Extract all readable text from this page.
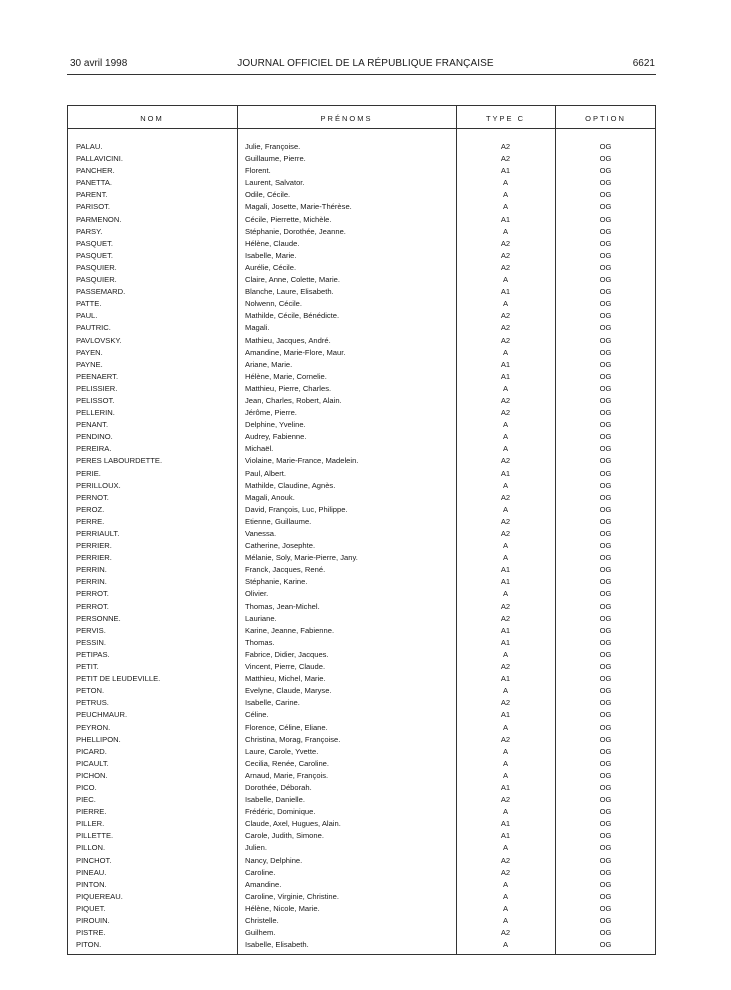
30 avril 1998	JOURNAL OFFICIEL DE LA RÉPUBLIQUE FRANÇAISE	6621
NOM	PRÉNOMS	TYPE C	OPTION
PALAU.	Julie, Françoise.	A2	OG
PALLAVICINI.	Guillaume, Pierre.	A2	OG
PANCHER.	Florent.	A1	OG
PANETTA.	Laurent, Salvator.	A	OG
PARENT.	Odile, Cécile.	A	OG
PARISOT.	Magali, Josette, Marie-Thérèse.	A	OG
PARMENON.	Cécile, Pierrette, Michèle.	A1	OG
PARSY.	Stéphanie, Dorothée, Jeanne.	A	OG
PASQUET.	Hélène, Claude.	A2	OG
PASQUET.	Isabelle, Marie.	A2	OG
PASQUIER.	Aurélie, Cécile.	A2	OG
PASQUIER.	Claire, Anne, Colette, Marie.	A	OG
PASSEMARD.	Blanche, Laure, Elisabeth.	A1	OG
PATTE.	Nolwenn, Cécile.	A	OG
PAUL.	Mathilde, Cécile, Bénédicte.	A2	OG
PAUTRIC.	Magali.	A2	OG
PAVLOVSKY.	Mathieu, Jacques, André.	A2	OG
PAYEN.	Amandine, Marie-Flore, Maur.	A	OG
PAYNE.	Ariane, Marie.	A1	OG
PEENAERT.	Hélène, Marie, Cornelie.	A1	OG
PELISSIER.	Matthieu, Pierre, Charles.	A	OG
PELISSOT.	Jean, Charles, Robert, Alain.	A2	OG
PELLERIN.	Jérôme, Pierre.	A2	OG
PENANT.	Delphine, Yveline.	A	OG
PENDINO.	Audrey, Fabienne.	A	OG
PEREIRA.	Michaël.	A	OG
PERES LABOURDETTE.	Violaine, Marie-France, Madelein.	A2	OG
PERIE.	Paul, Albert.	A1	OG
PERILLOUX.	Mathilde, Claudine, Agnès.	A	OG
PERNOT.	Magali, Anouk.	A2	OG
PEROZ.	David, François, Luc, Philippe.	A	OG
PERRE.	Etienne, Guillaume.	A2	OG
PERRIAULT.	Vanessa.	A2	OG
PERRIER.	Catherine, Josephte.	A	OG
PERRIER.	Mélanie, Soly, Marie-Pierre, Jany.	A	OG
PERRIN.	Franck, Jacques, René.	A1	OG
PERRIN.	Stéphanie, Karine.	A1	OG
PERROT.	Olivier.	A	OG
PERROT.	Thomas, Jean-Michel.	A2	OG
PERSONNE.	Lauriane.	A2	OG
PERVIS.	Karine, Jeanne, Fabienne.	A1	OG
PESSIN.	Thomas.	A1	OG
PETIPAS.	Fabrice, Didier, Jacques.	A	OG
PETIT.	Vincent, Pierre, Claude.	A2	OG
PETIT DE LEUDEVILLE.	Matthieu, Michel, Marie.	A1	OG
PETON.	Evelyne, Claude, Maryse.	A	OG
PETRUS.	Isabelle, Carine.	A2	OG
PEUCHMAUR.	Céline.	A1	OG
PEYRON.	Florence, Céline, Eliane.	A	OG
PHELLIPON.	Christina, Morag, Françoise.	A2	OG
PICARD.	Laure, Carole, Yvette.	A	OG
PICAULT.	Cecilia, Renée, Caroline.	A	OG
PICHON.	Arnaud, Marie, François.	A	OG
PICO.	Dorothée, Déborah.	A1	OG
PIEC.	Isabelle, Danielle.	A2	OG
PIERRE.	Frédéric, Dominique.	A	OG
PILLER.	Claude, Axel, Hugues, Alain.	A1	OG
PILLETTE.	Carole, Judith, Simone.	A1	OG
PILLON.	Julien.	A	OG
PINCHOT.	Nancy, Delphine.	A2	OG
PINEAU.	Caroline.	A2	OG
PINTON.	Amandine.	A	OG
PIQUEREAU.	Caroline, Virginie, Christine.	A	OG
PIQUET.	Hélène, Nicole, Marie.	A	OG
PIROUIN.	Christelle.	A	OG
PISTRE.	Guilhem.	A2	OG
PITON.	Isabelle, Elisabeth.	A	OG
